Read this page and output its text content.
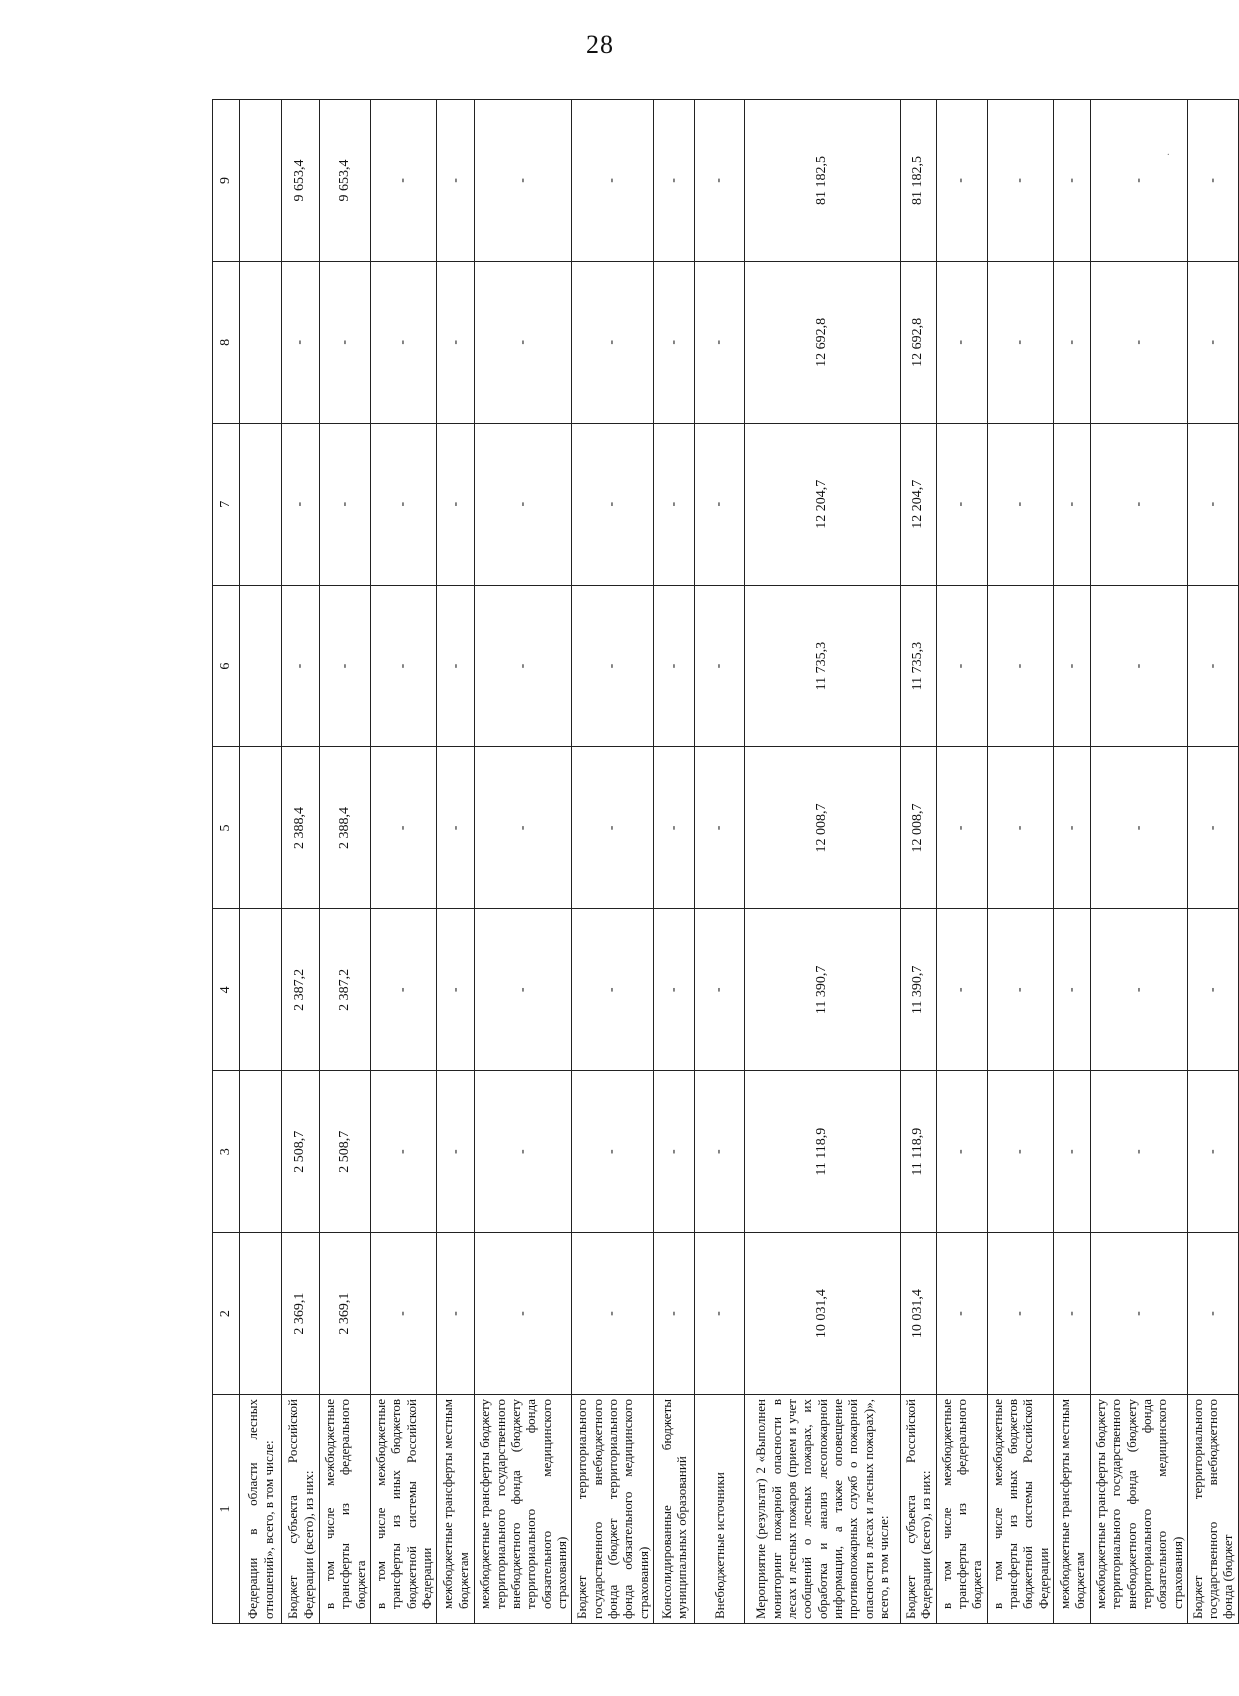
28
·
1	2	3	4	5	6	7	8	9
Федерации в области лесных отношений», всего, в том числе:								
Бюджет субъекта Российской Федерации (всего), из них:	2 369,1	2 508,7	2 387,2	2 388,4	-	-	-	9 653,4
в том числе межбюджетные трансферты из федерального бюджета	2 369,1	2 508,7	2 387,2	2 388,4	-	-	-	9 653,4
в том числе межбюджетные трансферты из иных бюджетов бюджетной системы Российской Федерации	-	-	-	-	-	-	-	-
межбюджетные трансферты местным бюджетам	-	-	-	-	-	-	-	-
межбюджетные трансферты бюджету территориального государственного внебюджетного фонда (бюджету территориального фонда обязательного медицинского страхования)	-	-	-	-	-	-	-	-
Бюджет территориального государственного внебюджетного фонда (бюджет территориального фонда обязательного медицинского страхования)	-	-	-	-	-	-	-	-
Консолидированные бюджеты муниципальных образований	-	-	-	-	-	-	-	-
Внебюджетные источники	-	-	-	-	-	-	-	-
Мероприятие (результат) 2 «Выполнен мониторинг пожарной опасности в лесах и лесных пожаров (прием и учет сообщений о лесных пожарах, их обработка и анализ лесопожарной информации, а также оповещение противопожарных служб о пожарной опасности в лесах и лесных пожарах)», всего, в том числе:	10 031,4	11 118,9	11 390,7	12 008,7	11 735,3	12 204,7	12 692,8	81 182,5
Бюджет субъекта Российской Федерации (всего), из них:	10 031,4	11 118,9	11 390,7	12 008,7	11 735,3	12 204,7	12 692,8	81 182,5
в том числе межбюджетные трансферты из федерального бюджета	-	-	-	-	-	-	-	-
в том числе межбюджетные трансферты из иных бюджетов бюджетной системы Российской Федерации	-	-	-	-	-	-	-	-
межбюджетные трансферты местным бюджетам	-	-	-	-	-	-	-	-
межбюджетные трансферты бюджету территориального государственного внебюджетного фонда (бюджету территориального фонда обязательного медицинского страхования)	-	-	-	-	-	-	-	-
Бюджет территориального государственного внебюджетного фонда (бюджет	-	-	-	-	-	-	-	-
